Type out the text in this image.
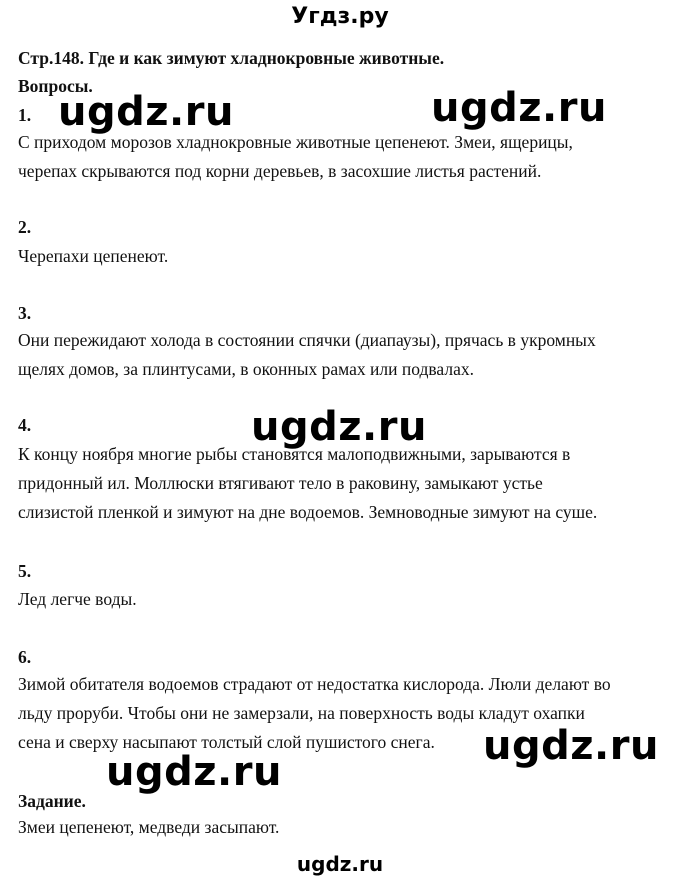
Угдз.ру
Стр.148. Где и как зимуют хладнокровные животные.
Вопросы.
1.
С приходом морозов хладнокровные животные цепенеют. Змеи, ящерицы,
черепах скрываются под корни деревьев, в засохшие листья растений.
2.
Черепахи цепенеют.
3.
Они пережидают холода в состоянии спячки (диапаузы), прячась в укромных
щелях домов, за плинтусами, в оконных рамах или подвалах.
4.
К концу ноября многие рыбы становятся малоподвижными, зарываются в
придонный ил. Моллюски втягивают тело в раковину, замыкают устье
слизистой пленкой и зимуют на дне водоемов. Земноводные зимуют на суше.
5.
Лед легче воды.
6.
Зимой обитателя водоемов страдают от недостатка кислорода. Люли делают во
льду проруби. Чтобы они не замерзали, на поверхность воды кладут охапки
сена и сверху насыпают толстый слой пушистого снега.
Задание.
Змеи цепенеют, медведи засыпают.
ugdz.ru	ugdz.ru
ugdz.ru
ugdz.ru
ugdz.ru
ugdz.ru
